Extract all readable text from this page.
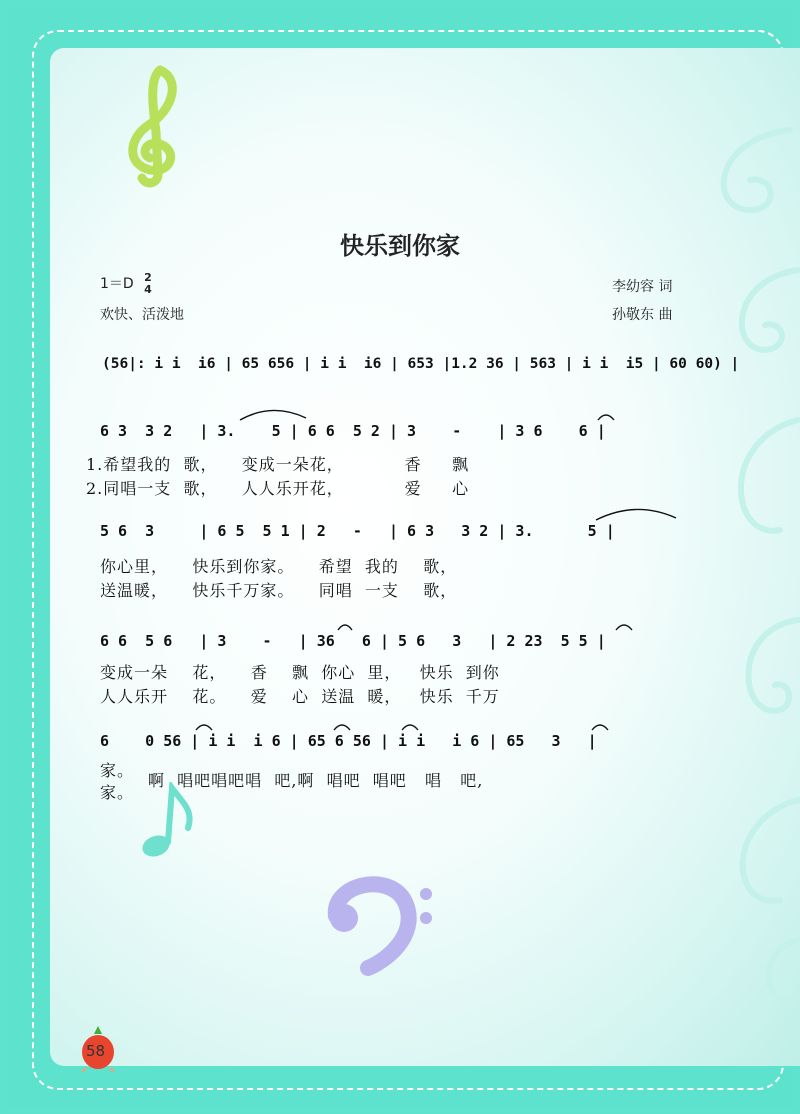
快乐到你家
1＝D 2
4
欢快、活泼地
李幼容 词
孙敬东 曲
(56|: i i  i6 | 65 656 | i i  i6 | 653 |1.2 36 | 563 | i i  i5 | 60 60) |
6 3  3 2   | 3.    5 | 6 6  5 2 | 3    -    | 3 6    6 |
1.希望我的  歌，    变成一朵花，          香     飘
2.同唱一支  歌，    人人乐开花，          爱     心
5 6  3     | 6 5  5 1 | 2   -   | 6 3   3 2 | 3.      5 |
你心里，    快乐到你家。    希望  我的    歌，
送温暖，    快乐千万家。    同唱  一支    歌，
6 6  5 6   | 3    -   | 36   6 | 5 6   3   | 2 23  5 5 |
变成一朵    花，    香    飘  你心  里，   快乐  到你
人人乐开    花。    爱    心  送温  暖，   快乐  千万
6    0 56 | i i  i 6 | 65 6 56 | i i   i 6 | 65   3   |
家。
家。
啊  唱吧唱吧唱  吧,啊  唱吧  唱吧   唱   吧,
58
